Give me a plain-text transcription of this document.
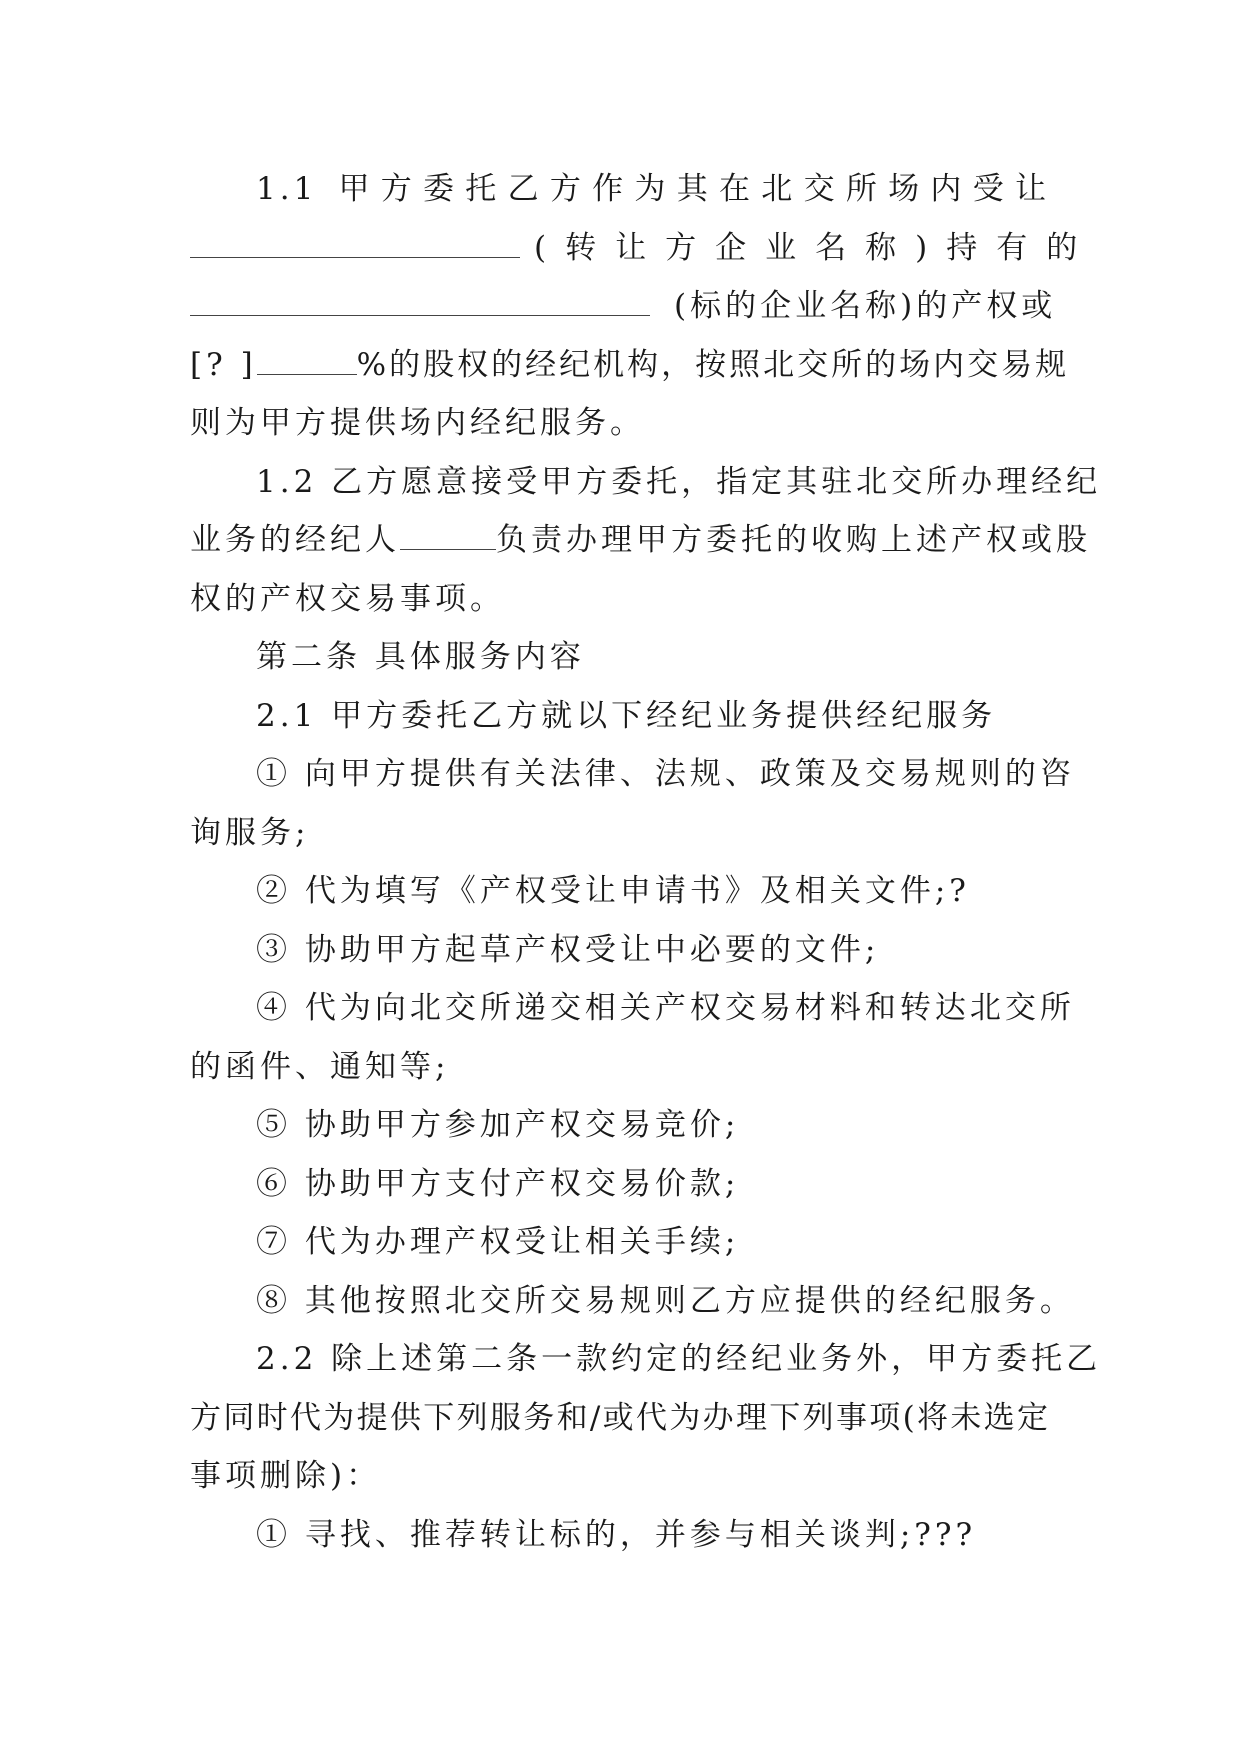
1.1 甲方委托乙方作为其在北交所场内受让
(转让方企业名称)持有的
(标的企业名称)的产权或
[? ]	%的股权的经纪机构，按照北交所的场内交易规
则为甲方提供场内经纪服务。
1.2 乙方愿意接受甲方委托，指定其驻北交所办理经纪
业务的经纪人	负责办理甲方委托的收购上述产权或股
权的产权交易事项。
第二条 具体服务内容
2.1 甲方委托乙方就以下经纪业务提供经纪服务
① 向甲方提供有关法律、法规、政策及交易规则的咨
询服务;
② 代为填写《产权受让申请书》及相关文件;?
③ 协助甲方起草产权受让中必要的文件;
④ 代为向北交所递交相关产权交易材料和转达北交所
的函件、通知等;
⑤ 协助甲方参加产权交易竞价;
⑥ 协助甲方支付产权交易价款;
⑦ 代为办理产权受让相关手续;
⑧ 其他按照北交所交易规则乙方应提供的经纪服务。
2.2 除上述第二条一款约定的经纪业务外，甲方委托乙
方同时代为提供下列服务和/或代为办理下列事项(将未选定
事项删除)：
① 寻找、推荐转让标的，并参与相关谈判;???
